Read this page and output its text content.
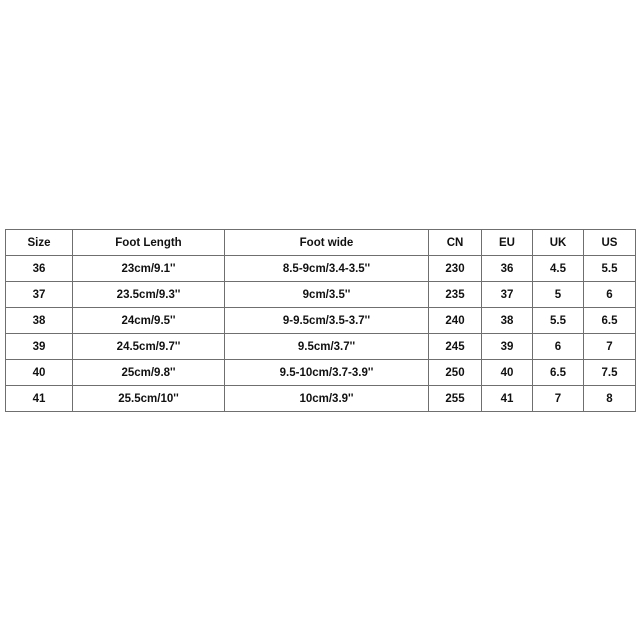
Size	Foot Length	Foot wide	CN	EU	UK	US
36	23cm/9.1''	8.5-9cm/3.4-3.5''	230	36	4.5	5.5
37	23.5cm/9.3''	9cm/3.5''	235	37	5	6
38	24cm/9.5''	9-9.5cm/3.5-3.7''	240	38	5.5	6.5
39	24.5cm/9.7''	9.5cm/3.7''	245	39	6	7
40	25cm/9.8''	9.5-10cm/3.7-3.9''	250	40	6.5	7.5
41	25.5cm/10''	10cm/3.9''	255	41	7	8
